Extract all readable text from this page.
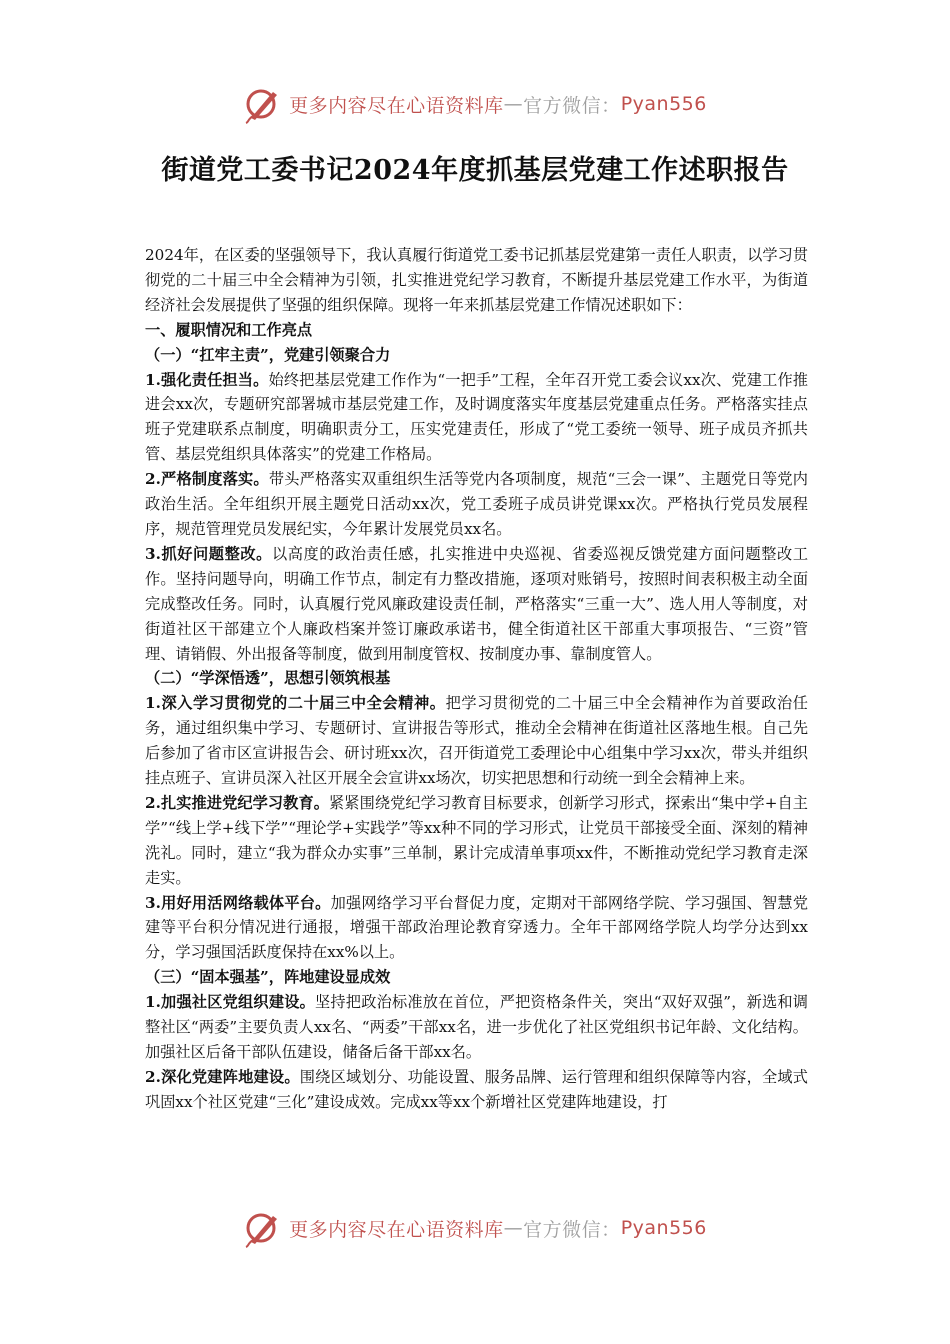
更多内容尽在心语资料库 — 官方微信： Pyan556
街道党工委书记2024年度抓基层党建工作述职报告

2024年，在区委的坚强领导下，我认真履行街道党工委书记抓基层党建第一责任人职责，以学习贯彻党的二十届三中全会精神为引领，扎实推进党纪学习教育，不断提升基层党建工作水平，为街道经济社会发展提供了坚强的组织保障。现将一年来抓基层党建工作情况述职如下：

一、履职情况和工作亮点

（一）“扛牢主责”，党建引领聚合力

1.强化责任担当。始终把基层党建工作作为“一把手”工程，全年召开党工委会议xx次、党建工作推进会xx次，专题研究部署城市基层党建工作，及时调度落实年度基层党建重点任务。严格落实挂点班子党建联系点制度，明确职责分工，压实党建责任，形成了“党工委统一领导、班子成员齐抓共管、基层党组织具体落实”的党建工作格局。

2.严格制度落实。带头严格落实双重组织生活等党内各项制度，规范“三会一课”、主题党日等党内政治生活。全年组织开展主题党日活动xx次，党工委班子成员讲党课xx次。严格执行党员发展程序，规范管理党员发展纪实，今年累计发展党员xx名。

3.抓好问题整改。以高度的政治责任感，扎实推进中央巡视、省委巡视反馈党建方面问题整改工作。坚持问题导向，明确工作节点，制定有力整改措施，逐项对账销号，按照时间表积极主动全面完成整改任务。同时，认真履行党风廉政建设责任制，严格落实“三重一大”、选人用人等制度，对街道社区干部建立个人廉政档案并签订廉政承诺书，健全街道社区干部重大事项报告、“三资”管理、请销假、外出报备等制度，做到用制度管权、按制度办事、靠制度管人。

（二）“学深悟透”，思想引领筑根基

1.深入学习贯彻党的二十届三中全会精神。把学习贯彻党的二十届三中全会精神作为首要政治任务，通过组织集中学习、专题研讨、宣讲报告等形式，推动全会精神在街道社区落地生根。自己先后参加了省市区宣讲报告会、研讨班xx次，召开街道党工委理论中心组集中学习xx次，带头并组织挂点班子、宣讲员深入社区开展全会宣讲xx场次，切实把思想和行动统一到全会精神上来。

2.扎实推进党纪学习教育。紧紧围绕党纪学习教育目标要求，创新学习形式，探索出“集中学+自主学”“线上学+线下学”“理论学+实践学”等xx种不同的学习形式，让党员干部接受全面、深刻的精神洗礼。同时，建立“我为群众办实事”三单制，累计完成清单事项xx件，不断推动党纪学习教育走深走实。

3.用好用活网络载体平台。加强网络学习平台督促力度，定期对干部网络学院、学习强国、智慧党建等平台积分情况进行通报，增强干部政治理论教育穿透力。全年干部网络学院人均学分达到xx分，学习强国活跃度保持在xx%以上。

（三）“固本强基”，阵地建设显成效

1.加强社区党组织建设。坚持把政治标准放在首位，严把资格条件关，突出“双好双强”，新选和调整社区“两委”主要负责人xx名、“两委”干部xx名，进一步优化了社区党组织书记年龄、文化结构。加强社区后备干部队伍建设，储备后备干部xx名。

2.深化党建阵地建设。围绕区域划分、功能设置、服务品牌、运行管理和组织保障等内容，全域式巩固xx个社区党建“三化”建设成效。完成xx等xx个新增社区党建阵地建设，打

更多内容尽在心语资料库 — 官方微信： Pyan556
